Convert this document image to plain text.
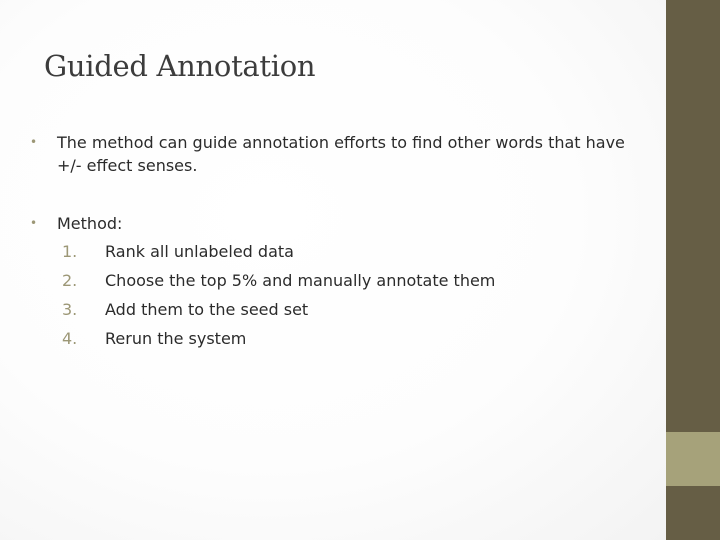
Guided Annotation
• The method can guide annotation efforts to find other words that have +/- effect senses.
• Method:
1. Rank all unlabeled data
2. Choose the top 5% and manually annotate them
3. Add them to the seed set
4. Rerun the system
